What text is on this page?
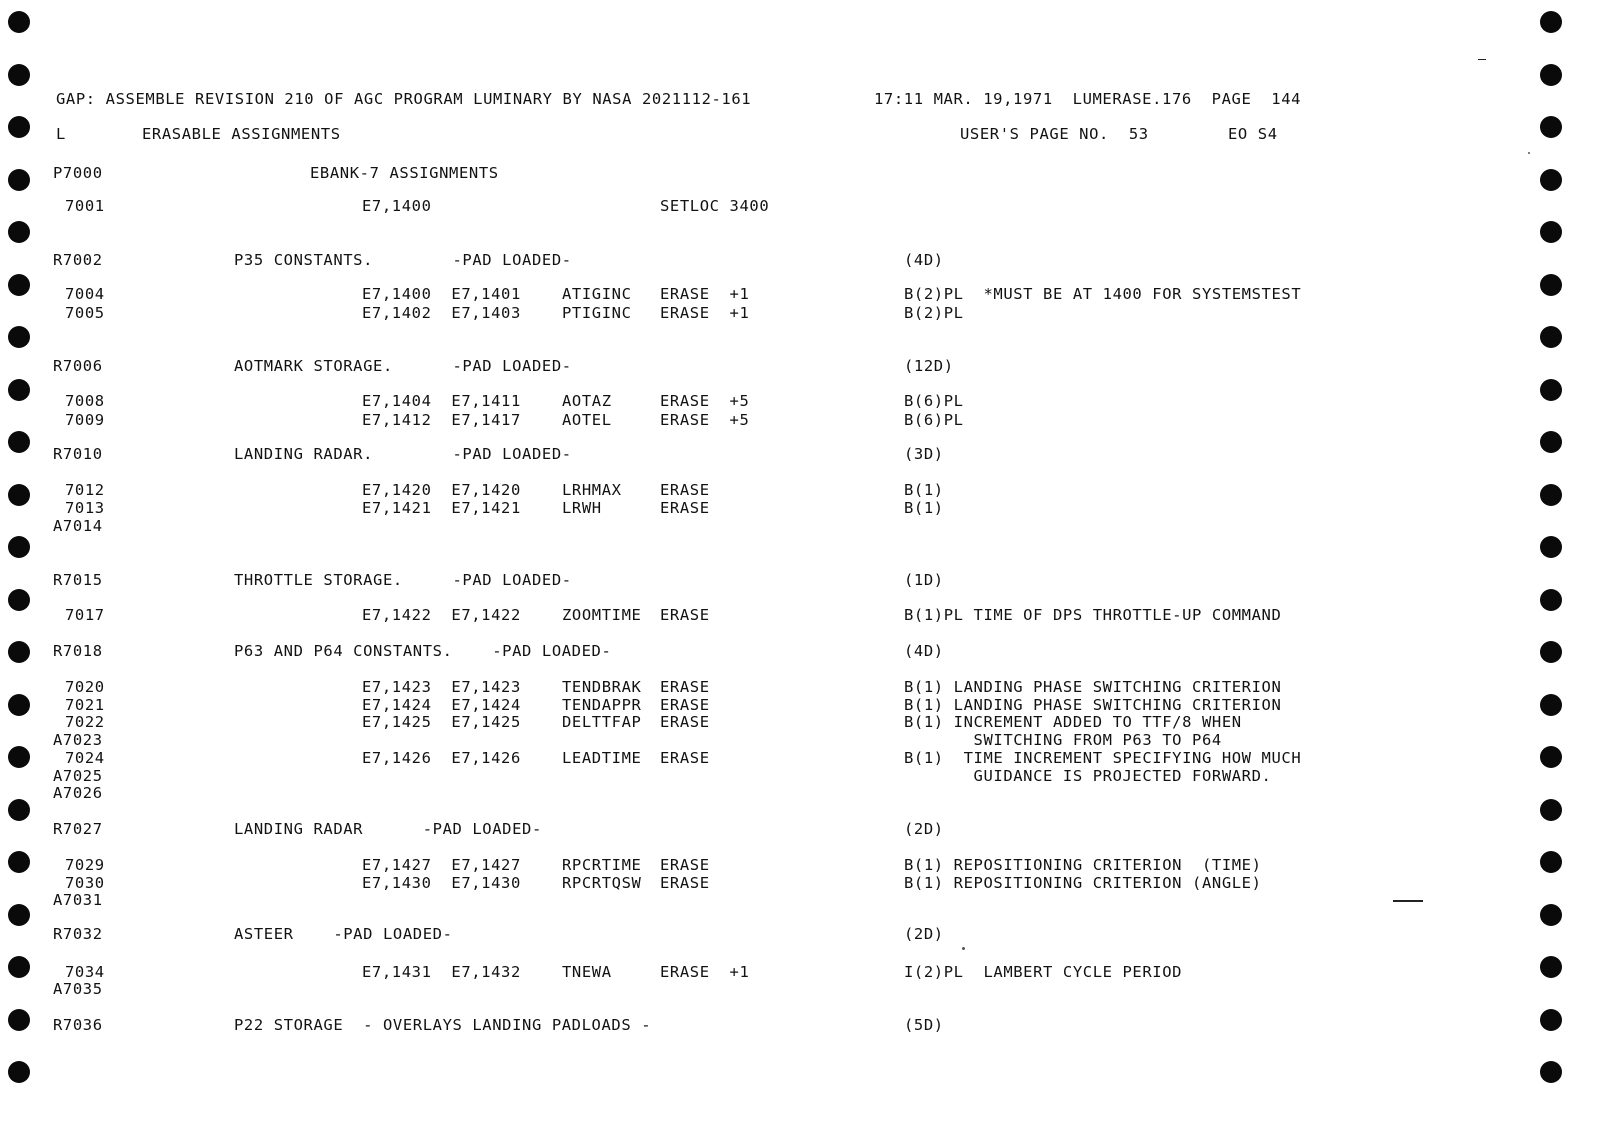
GAP: ASSEMBLE REVISION 210 OF AGC PROGRAM LUMINARY BY NASA 2021112-161	17:11 MAR. 19,1971  LUMERASE.176  PAGE  144
L	ERASABLE ASSIGNMENTS	USER'S PAGE NO.  53	EO S4
P7000	EBANK-7 ASSIGNMENTS
7001	E7,1400	SETLOC 3400
R7002	P35 CONSTANTS.        -PAD LOADED-	(4D)
7004	E7,1400  E7,1401	ATIGINC ERASE  +1	B(2)PL  *MUST BE AT 1400 FOR SYSTEMSTEST
7005	E7,1402  E7,1403	PTIGINC ERASE  +1	B(2)PL
R7006	AOTMARK STORAGE.      -PAD LOADED-	(12D)
7008	E7,1404  E7,1411	AOTAZ	ERASE  +5	B(6)PL
7009	E7,1412  E7,1417	AOTEL	ERASE  +5	B(6)PL
R7010	LANDING RADAR.        -PAD LOADED-	(3D)
7012	E7,1420  E7,1420	LRHMAX ERASE	B(1)
7013	E7,1421  E7,1421	LRWH	ERASE	B(1)
A7014
R7015	THROTTLE STORAGE.     -PAD LOADED-	(1D)
7017	E7,1422  E7,1422	ZOOMTIME ERASE	B(1)PL TIME OF DPS THROTTLE-UP COMMAND
R7018	P63 AND P64 CONSTANTS.    -PAD LOADED-	(4D)
7020	E7,1423  E7,1423	TENDBRAK ERASE	B(1) LANDING PHASE SWITCHING CRITERION
7021	E7,1424  E7,1424	TENDAPPR ERASE	B(1) LANDING PHASE SWITCHING CRITERION
7022	E7,1425  E7,1425	DELTTFAP ERASE	B(1) INCREMENT ADDED TO TTF/8 WHEN
A7023	SWITCHING FROM P63 TO P64
7024	E7,1426  E7,1426	LEADTIME ERASE	B(1)  TIME INCREMENT SPECIFYING HOW MUCH
A7025	GUIDANCE IS PROJECTED FORWARD.
A7026
R7027	LANDING RADAR      -PAD LOADED-	(2D)
7029	E7,1427  E7,1427	RPCRTIME ERASE	B(1) REPOSITIONING CRITERION  (TIME)
7030	E7,1430  E7,1430	RPCRTQSW ERASE	B(1) REPOSITIONING CRITERION (ANGLE)
A7031
R7032	ASTEER    -PAD LOADED-	(2D)
7034	E7,1431  E7,1432	TNEWA	ERASE  +1	I(2)PL  LAMBERT CYCLE PERIOD
A7035
R7036	P22 STORAGE  - OVERLAYS LANDING PADLOADS -	(5D)
